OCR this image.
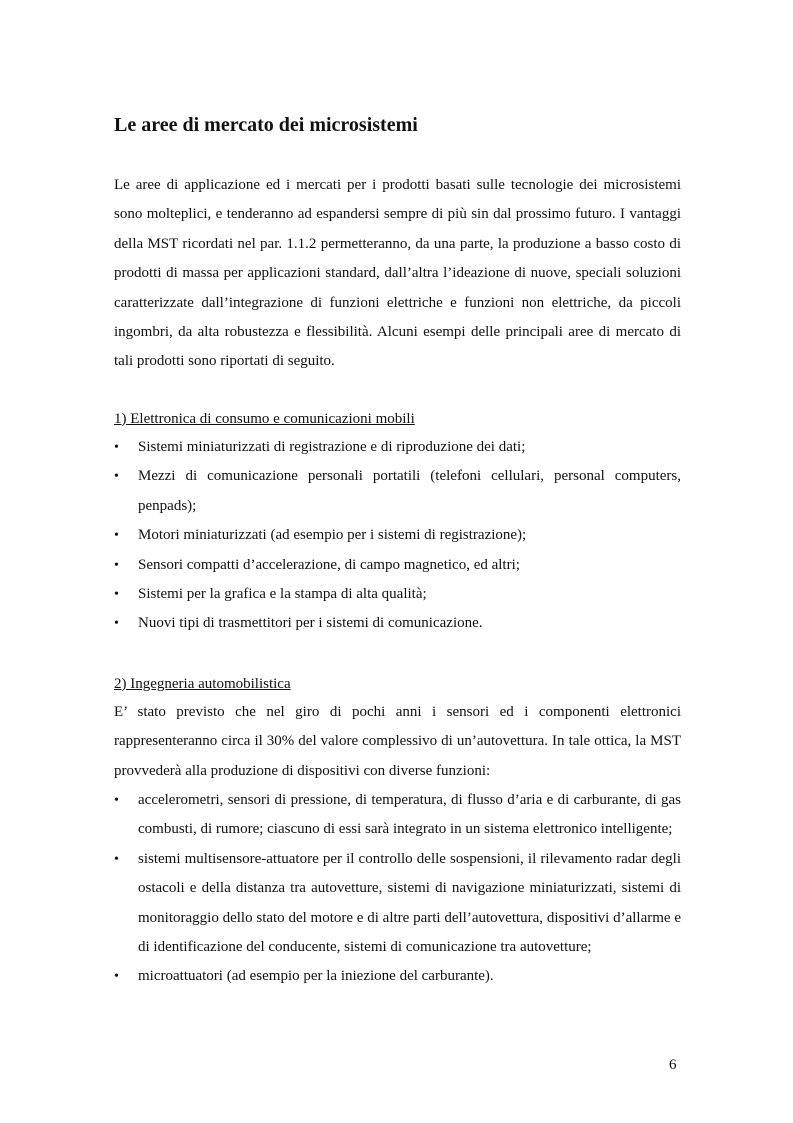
Le aree di mercato dei microsistemi

Le aree di applicazione ed i mercati per i prodotti basati sulle tecnologie dei microsistemi sono molteplici, e tenderanno ad espandersi sempre di più sin dal prossimo futuro. I vantaggi della MST ricordati nel par. 1.1.2 permetteranno, da una parte, la produzione a basso costo di prodotti di massa per applicazioni standard, dall’altra l’ideazione di nuove, speciali soluzioni caratterizzate dall’integrazione di funzioni elettriche e funzioni non elettriche, da piccoli ingombri, da alta robustezza e flessibilità. Alcuni esempi delle principali aree di mercato di tali prodotti sono riportati di seguito.

1) Elettronica di consumo e comunicazioni mobili

• Sistemi miniaturizzati di registrazione e di riproduzione dei dati;
• Mezzi di comunicazione personali portatili (telefoni cellulari, personal computers, penpads);
• Motori miniaturizzati (ad esempio per i sistemi di registrazione);
• Sensori compatti d’accelerazione, di campo magnetico, ed altri;
• Sistemi per la grafica e la stampa di alta qualità;
• Nuovi tipi di trasmettitori per i sistemi di comunicazione.

2) Ingegneria automobilistica

E’ stato previsto che nel giro di pochi anni i sensori ed i componenti elettronici rappresenteranno circa il 30% del valore complessivo di un’autovettura. In tale ottica, la MST provvederà alla produzione di dispositivi con diverse funzioni:

• accelerometri, sensori di pressione, di temperatura, di flusso d’aria e di carburante, di gas combusti, di rumore; ciascuno di essi sarà integrato in un sistema elettronico intelligente;
• sistemi multisensore-attuatore per il controllo delle sospensioni, il rilevamento radar degli ostacoli e della distanza tra autovetture, sistemi di navigazione miniaturizzati, sistemi di monitoraggio dello stato del motore e di altre parti dell’autovettura, dispositivi d’allarme e di identificazione del conducente, sistemi di comunicazione tra autovetture;
• microattuatori (ad esempio per la iniezione del carburante).
6
